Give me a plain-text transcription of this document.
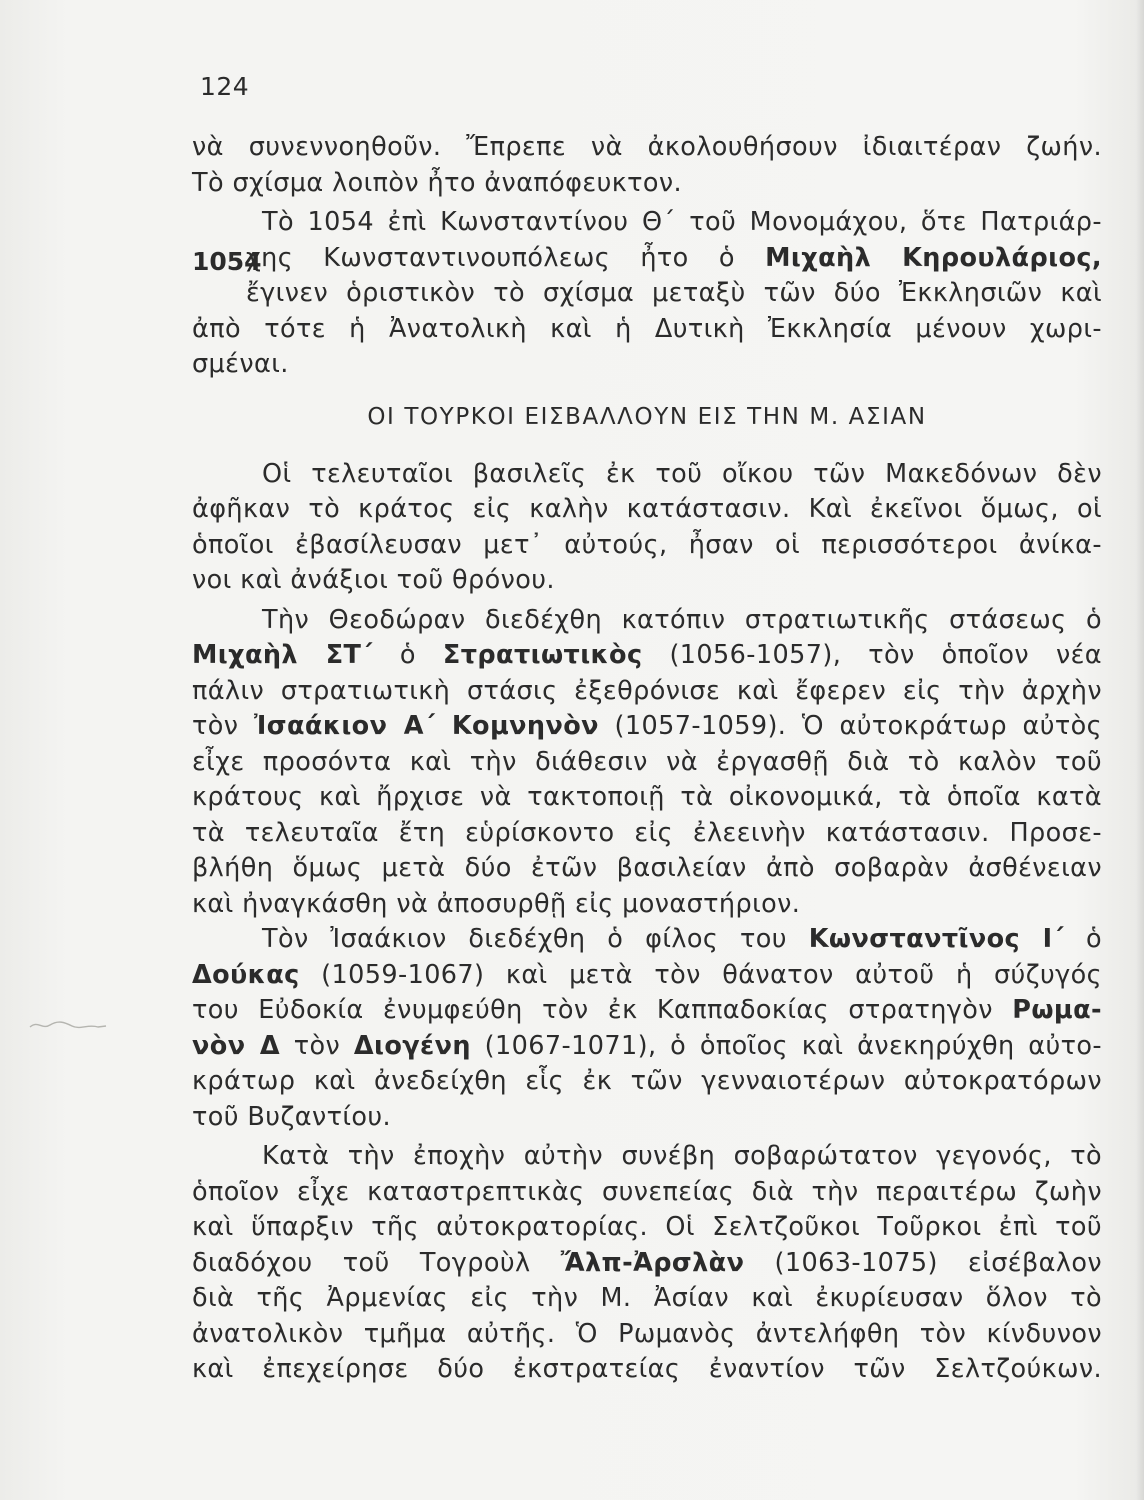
124
1054
νὰ συνεννοηθοῦν. Ἔπρεπε νὰ ἀκολουθήσουν ἰδιαιτέραν ζωήν.
Τὸ σχίσμα λοιπὸν ἦτο ἀναπόφευκτον.
Τὸ 1054 ἐπὶ Κωνσταντίνου Θ΄ τοῦ Μονομάχου, ὅτε Πατριάρ-
χης Κωνσταντινουπόλεως ἦτο ὁ Μιχαὴλ Κηρουλάριος,
ἔγινεν ὁριστικὸν τὸ σχίσμα μεταξὺ τῶν δύο Ἐκκλησιῶν καὶ
ἀπὸ τότε ἡ Ἀνατολικὴ καὶ ἡ Δυτικὴ Ἐκκλησία μένουν χωρι-
σμέναι.
ΟΙ ΤΟΥΡΚΟΙ ΕΙΣΒΑΛΛΟΥΝ ΕΙΣ ΤΗΝ Μ. ΑΣΙΑΝ
Οἱ τελευταῖοι βασιλεῖς ἐκ τοῦ οἴκου τῶν Μακεδόνων δὲν
ἀφῆκαν τὸ κράτος εἰς καλὴν κατάστασιν. Καὶ ἐκεῖνοι ὅμως, οἱ
ὁποῖοι ἐβασίλευσαν μετ᾽ αὐτούς, ἦσαν οἱ περισσότεροι ἀνίκα-
νοι καὶ ἀνάξιοι τοῦ θρόνου.
Τὴν Θεοδώραν διεδέχθη κατόπιν στρατιωτικῆς στάσεως ὁ
Μιχαὴλ ΣΤ΄ ὁ Στρατιωτικὸς (1056-1057), τὸν ὁποῖον νέα
πάλιν στρατιωτικὴ στάσις ἐξεθρόνισε καὶ ἔφερεν εἰς τὴν ἀρχὴν
τὸν Ἰσαάκιον Α΄ Κομνηνὸν (1057-1059). Ὁ αὐτοκράτωρ αὐτὸς
εἶχε προσόντα καὶ τὴν διάθεσιν νὰ ἐργασθῇ διὰ τὸ καλὸν τοῦ
κράτους καὶ ἤρχισε νὰ τακτοποιῇ τὰ οἰκονομικά, τὰ ὁποῖα κατὰ
τὰ τελευταῖα ἔτη εὑρίσκοντο εἰς ἐλεεινὴν κατάστασιν. Προσε-
βλήθη ὅμως μετὰ δύο ἐτῶν βασιλείαν ἀπὸ σοβαρὰν ἀσθένειαν
καὶ ἠναγκάσθη νὰ ἀποσυρθῇ εἰς μοναστήριον.
Τὸν Ἰσαάκιον διεδέχθη ὁ φίλος του Κωνσταντῖνος Ι΄ ὁ
Δούκας (1059-1067) καὶ μετὰ τὸν θάνατον αὐτοῦ ἡ σύζυγός
του Εὐδοκία ἐνυμφεύθη τὸν ἐκ Καππαδοκίας στρατηγὸν Ρωμα-
νὸν Δ τὸν Διογένη (1067-1071), ὁ ὁποῖος καὶ ἀνεκηρύχθη αὐτο-
κράτωρ καὶ ἀνεδείχθη εἷς ἐκ τῶν γενναιοτέρων αὐτοκρατόρων
τοῦ Βυζαντίου.
Κατὰ τὴν ἐποχὴν αὐτὴν συνέβη σοβαρώτατον γεγονός, τὸ
ὁποῖον εἶχε καταστρεπτικὰς συνεπείας διὰ τὴν περαιτέρω ζωὴν
καὶ ὕπαρξιν τῆς αὐτοκρατορίας. Οἱ Σελτζοῦκοι Τοῦρκοι ἐπὶ τοῦ
διαδόχου τοῦ Τογροὺλ Ἄλπ-Ἀρσλὰν (1063-1075) εἰσέβαλον
διὰ τῆς Ἀρμενίας εἰς τὴν Μ. Ἀσίαν καὶ ἐκυρίευσαν ὅλον τὸ
ἀνατολικὸν τμῆμα αὐτῆς. Ὁ Ρωμανὸς ἀντελήφθη τὸν κίνδυνον
καὶ ἐπεχείρησε δύο ἐκστρατείας ἐναντίον τῶν Σελτζούκων.
